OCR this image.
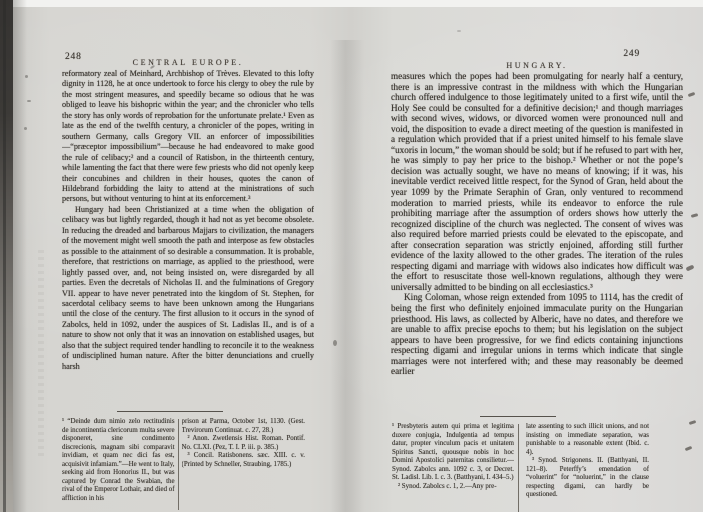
248
CENTRAL EUROPE.

reformatory zeal of Meinhard, Archbishop of Trèves. Elevated to this lofty dignity in 1128, he at once undertook to force his clergy to obey the rule by the most stringent measures, and speedily became so odious that he was obliged to leave his bishopric within the year; and the chronicler who tells the story has only words of reprobation for the unfortunate prelate.¹ Even as late as the end of the twelfth century, a chronicler of the popes, writing in southern Germany, calls Gregory VII. an enforcer of impossibilities—“præceptor impossibilium”—because he had endeavored to make good the rule of celibacy;² and a council of Ratisbon, in the thirteenth century, while lamenting the fact that there were few priests who did not openly keep their concubines and children in their houses, quotes the canon of Hildebrand forbidding the laity to attend at the ministrations of such persons, but without venturing to hint at its enforcement.³

Hungary had been Christianized at a time when the obligation of celibacy was but lightly regarded, though it had not as yet become obsolete. In reducing the dreaded and barbarous Majjars to civilization, the managers of the movement might well smooth the path and interpose as few obstacles as possible to the attainment of so desirable a consummation. It is probable, therefore, that restrictions on marriage, as applied to the priesthood, were lightly passed over, and, not being insisted on, were disregarded by all parties. Even the decretals of Nicholas II. and the fulminations of Gregory VII. appear to have never penetrated into the kingdom of St. Stephen, for sacerdotal celibacy seems to have been unknown among the Hungarians until the close of the century. The first allusion to it occurs in the synod of Zabolcs, held in 1092, under the auspices of St. Ladislas II., and is of a nature to show not only that it was an innovation on established usages, but also that the subject required tender handling to reconcile it to the weakness of undisciplined human nature. After the bitter denunciations and cruelly harsh

¹ “Deinde dum nimio zelo rectitudinis de incontinentia clericorum multa severe disponeret, sine condimento discrecionis, magnam sibi comparavit invidiam, et quam nec dici fas est, acquisivit infamiam.”—He went to Italy, seeking aid from Honorius II., but was captured by Conrad the Swabian, the rival of the Emperor Lothair, and died of affliction in his

prison at Parma, October 1st, 1130. (Gest. Trevirorum Continuat. c. 27, 28.)

² Anon. Zwetlensis Hist. Roman. Pontif. No. CLXI. (Pez, T. I. P. iii. p. 385.)

³ Concil. Ratisbonens. sæc. XIII. c. v. (Printed by Schneller, Straubing, 1785.)

249
HUNGARY.

measures which the popes had been promulgating for nearly half a century, there is an impressive contrast in the mildness with which the Hungarian church offered indulgence to those legitimately united to a first wife, until the Holy See could be consulted for a definitive decision;¹ and though marriages with second wives, widows, or divorced women were pronounced null and void, the disposition to evade a direct meeting of the question is manifested in a regulation which provided that if a priest united himself to his female slave “uxoris in locum,” the woman should be sold; but if he refused to part with her, he was simply to pay her price to the bishop.² Whether or not the pope’s decision was actually sought, we have no means of knowing; if it was, his inevitable verdict received little respect, for the Synod of Gran, held about the year 1099 by the Primate Seraphin of Gran, only ventured to recommend moderation to married priests, while its endeavor to enforce the rule prohibiting marriage after the assumption of orders shows how utterly the recognized discipline of the church was neglected. The consent of wives was also required before married priests could be elevated to the episcopate, and after consecration separation was strictly enjoined, affording still further evidence of the laxity allowed to the other grades. The iteration of the rules respecting digami and marriage with widows also indicates how difficult was the effort to resuscitate those well-known regulations, although they were universally admitted to be binding on all ecclesiastics.³

King Coloman, whose reign extended from 1095 to 1114, has the credit of being the first who definitely enjoined immaculate purity on the Hungarian priesthood. His laws, as collected by Alberic, have no dates, and therefore we are unable to affix precise epochs to them; but his legislation on the subject appears to have been progressive, for we find edicts containing injunctions respecting digami and irregular unions in terms which indicate that single marriages were not interfered with; and these may reasonably be deemed earlier

¹ Presbyteris autem qui prima et legitima duxere conjugia, Indulgentia ad tempus datur, propter vinculum pacis et unitatem Spiritus Sancti, quousque nobis in hoc Domini Apostolici paternitas consilietur.—Synod. Zabolcs ann. 1092 c. 3, or Decret. St. Ladisl. Lib. I. c. 3. (Batthyani, I. 434–5.)

² Synod. Zabolcs c. 1, 2.—Any pre-

late assenting to such illicit unions, and not insisting on immediate separation, was punishable to a reasonable extent (Ibid. c. 4).

³ Synod. Strigonens. II. (Batthyani, II. 121–8). Peterffy’s emendation of “voluerint” for “noluerint,” in the clause respecting digami, can hardly be questioned.
